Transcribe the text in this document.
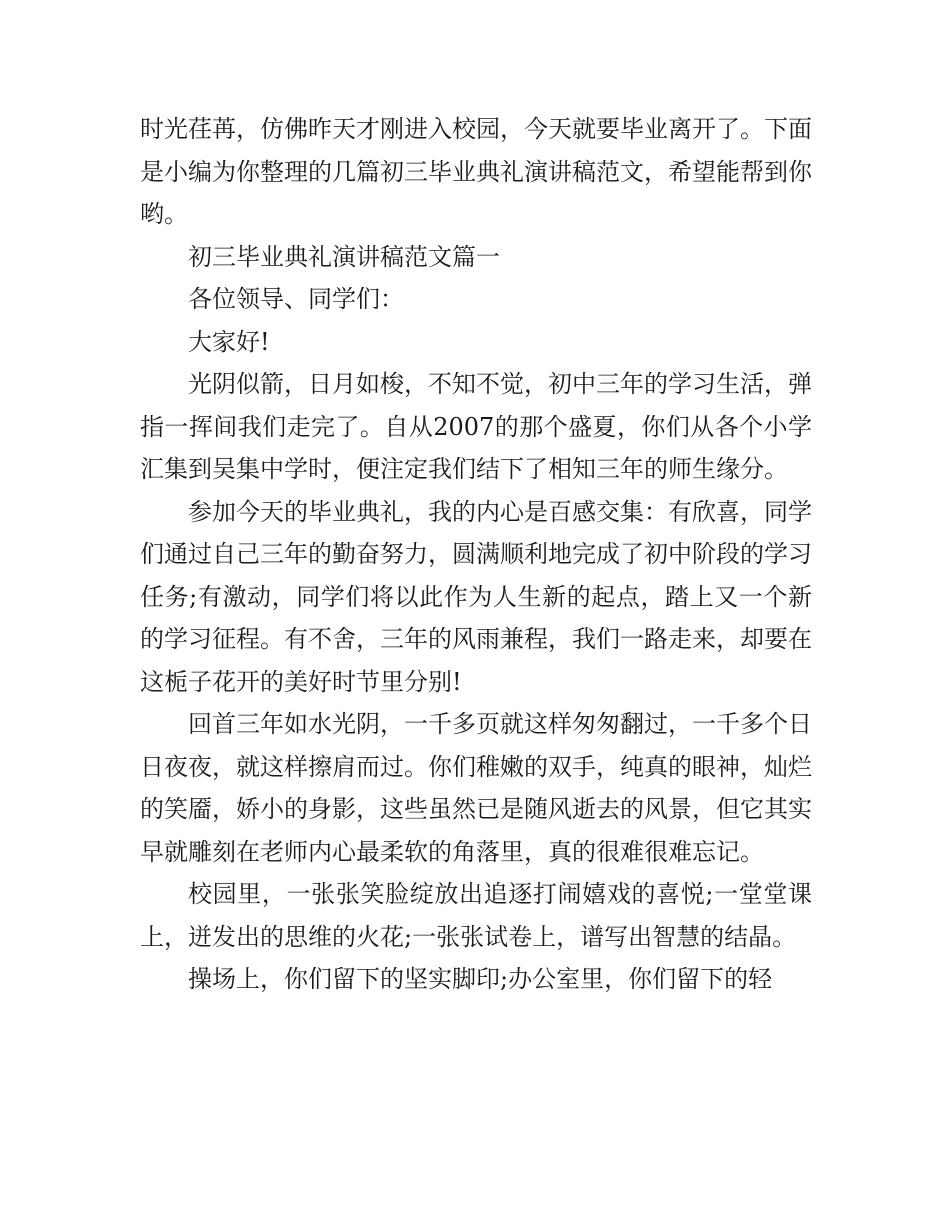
时光荏苒，仿佛昨天才刚进入校园，今天就要毕业离开了。下面是小编为你整理的几篇初三毕业典礼演讲稿范文，希望能帮到你哟。

初三毕业典礼演讲稿范文篇一

各位领导、同学们：

大家好!

光阴似箭，日月如梭，不知不觉，初中三年的学习生活，弹指一挥间我们走完了。自从2007的那个盛夏，你们从各个小学汇集到吴集中学时，便注定我们结下了相知三年的师生缘分。

参加今天的毕业典礼，我的内心是百感交集：有欣喜，同学们通过自己三年的勤奋努力，圆满顺利地完成了初中阶段的学习任务;有激动，同学们将以此作为人生新的起点，踏上又一个新的学习征程。有不舍，三年的风雨兼程，我们一路走来，却要在这栀子花开的美好时节里分别!

回首三年如水光阴，一千多页就这样匆匆翻过，一千多个日日夜夜，就这样擦肩而过。你们稚嫩的双手，纯真的眼神，灿烂的笑靥，娇小的身影，这些虽然已是随风逝去的风景，但它其实早就雕刻在老师内心最柔软的角落里，真的很难很难忘记。

校园里，一张张笑脸绽放出追逐打闹嬉戏的喜悦;一堂堂课上，迸发出的思维的火花;一张张试卷上，谱写出智慧的结晶。

操场上，你们留下的坚实脚印;办公室里，你们留下的轻
